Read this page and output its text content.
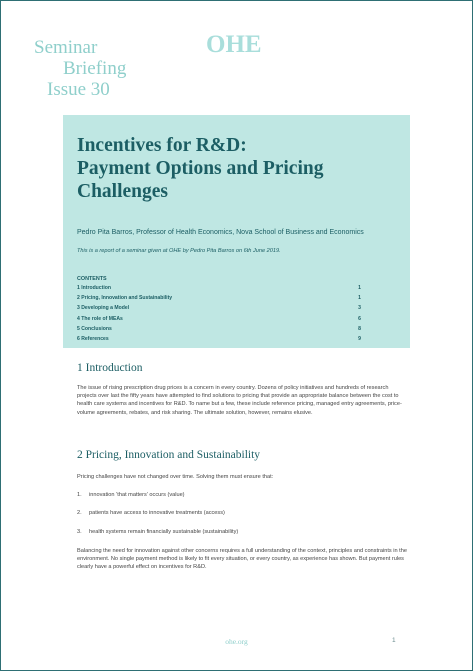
Seminar
Briefing
Issue 30
OHE
Incentives for R&D:
Payment Options and Pricing
Challenges
Pedro Pita Barros, Professor of Health Economics, Nova School of Business and Economics
This is a report of a seminar given at OHE by Pedro Pita Barros on 6th June 2019.
CONTENTS
1 Introduction	1
2 Pricing, Innovation and Sustainability	1
3 Developing a Model	3
4 The role of MEAs	6
5 Conclusions	8
6 References	9
1 Introduction
The issue of rising prescription drug prices is a concern in every country. Dozens of policy initiatives and hundreds of research projects over last the fifty years have attempted to find solutions to pricing that provide an appropriate balance between the cost to health care systems and incentives for R&D. To name but a few, these include reference pricing, managed entry agreements, price-volume agreements, rebates, and risk sharing. The ultimate solution, however, remains elusive.
2 Pricing, Innovation and Sustainability
Pricing challenges have not changed over time. Solving them must ensure that:
1. innovation ‘that matters’ occurs (value)
2. patients have access to innovative treatments (access)
3. health systems remain financially sustainable (sustainability)
Balancing the need for innovation against other concerns requires a full understanding of the context, principles and constraints in the environment. No single payment method is likely to fit every situation, or every country, as experience has shown. But payment rules clearly have a powerful effect on incentives for R&D.
ohe.org	1
